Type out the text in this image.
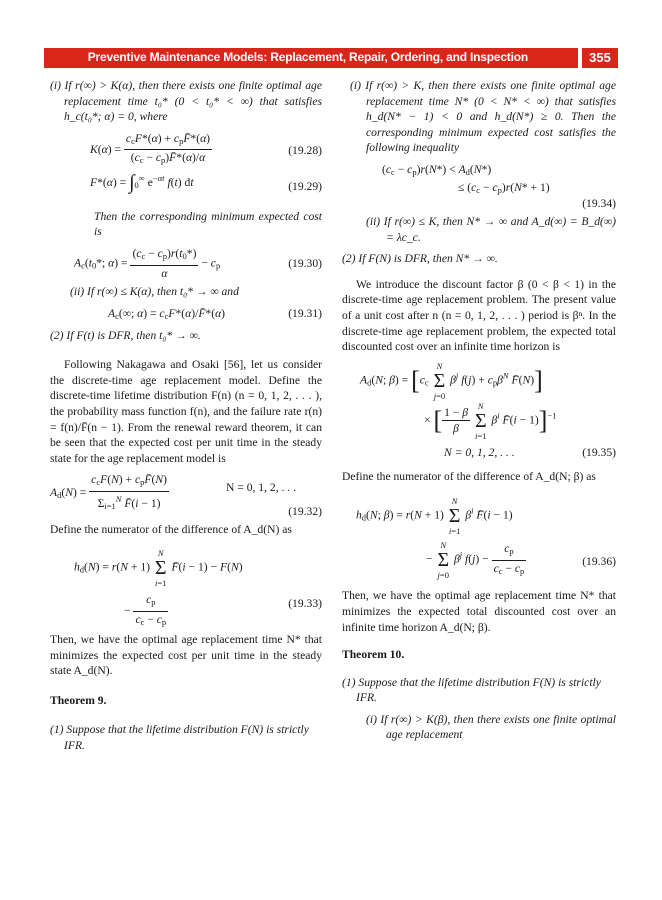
Preventive Maintenance Models: Replacement, Repair, Ordering, and Inspection	355

(i) If r(∞) > K(α), then there exists one finite optimal age replacement time t₀* (0 < t₀* < ∞) that satisfies h_c(t₀*; α) = 0, where

$K(\alpha) = \frac{c_cF*(\alpha) + c_pF̄*(\alpha)}{(c_c - c_p)F̄*(\alpha)/\alpha}$	(19.28)
$F*(\alpha) = \int_0^\infty$ $e^{-\alpha t}$ f(t) dt	(19.29)

Then the corresponding minimum expected cost is

$A_c(t_0*$; $\alpha) = \frac{(c_c - c_p)r(t_0*)}{\alpha} - c_p$	(19.30)

(ii) If r(∞) ≤ K(α), then t₀* → ∞ and

$A_c(\infty$; $\alpha) = c_cF*(\alpha)/F̄*(\alpha)$	(19.31)

(2) If F(t) is DFR, then t₀* → ∞.

Following Nakagawa and Osaki [56], let us consider the discrete-time age replacement model. Define the discrete-time lifetime distribution F(n) (n = 0, 1, 2, . . . ), the probability mass function f(n), and the failure rate r(n) = f(n)/F̄(n − 1). From the renewal reward theorem, it can be seen that the expected cost per unit time in the steady state for the age replacement model is

$A_d(N) = \frac{c_cF(N) + c_pF̄(N)}{\Sigma_{i=1}^N F̄(i - 1)}$	N = 0, 1, 2, . . .
(19.32)

Define the numerator of the difference of A_d(N) as

$h_d(N) = r(N + 1)$
N
Σ
i=1
F̄(i − 1) − F(N)
− $\frac{c_p}{c_c - c_p}$	(19.33)

Then, we have the optimal age replacement time N* that minimizes the expected cost per unit time in the steady state A_d(N).

Theorem 9.

(1) Suppose that the lifetime distribution F(N) is strictly IFR.

(i) If r(∞) > K, then there exists one finite optimal age replacement time N* (0 < N* < ∞) that satisfies h_d(N* − 1) < 0 and h_d(N*) ≥ 0. Then the corresponding minimum expected cost satisfies the following inequality

$(c_c - c_p)r(N*) < A_d(N*)$
≤ $(c_c - c_p)r(N* + 1)$
(19.34)

(ii) If r(∞) ≤ K, then N* → ∞ and A_d(∞) = B_d(∞) = λc_c.

(2) If F(N) is DFR, then N* → ∞.

We introduce the discount factor β (0 < β < 1) in the discrete-time age replacement problem. The present value of a unit cost after n (n = 0, 1, 2, . . . ) period is βⁿ. In the discrete-time age replacement problem, the expected total discounted cost over an infinite time horizon is

$A_d(N$; $\beta) = [c_c$
N
Σ
j=0
$\beta^j$ $f(j) + c_p\beta^N$ F̄(N)]
× [ $\frac{1 - \beta}{\beta}$
N
Σ
i=1
$\beta^i$ F̄(i − 1)]$^{-1}$
N = 0, 1, 2, . . .	(19.35)

Define the numerator of the difference of A_d(N; β) as

$h_d(N$; β) = r(N + 1)
N
Σ
i=1
$\beta^i$ F̄(i − 1)
−
N
Σ
j=0
$\beta^j$ $f(j) - \frac{c_p}{c_c - c_p}$	(19.36)

Then, we have the optimal age replacement time N* that minimizes the expected total discounted cost over an infinite time horizon A_d(N; β).

Theorem 10.

(1) Suppose that the lifetime distribution F(N) is strictly IFR.

(i) If r(∞) > K(β), then there exists one finite optimal age replacement
